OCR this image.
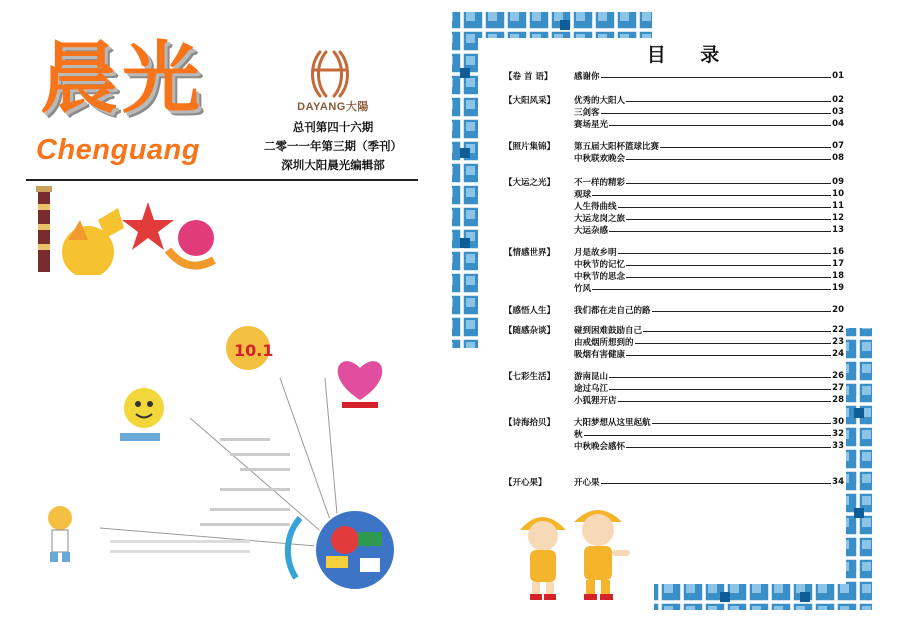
晨光
Chenguang
DAYANG大陽
总刊第四十六期
二零一一年第三期（季刊）
深圳大阳晨光编辑部
10.1
目 录
【卷 首 语】	感谢你	01
【大阳风采】 优秀的大阳人	02
三剑客	03
赛场星光	04
【照片集锦】 第五届大阳杯篮球比赛	07
中秋联欢晚会	08
【大运之光】 不一样的精彩	09
观球	10
人生得曲线	11
大运龙岗之旅	12
大运杂感	13
【情感世界】 月是故乡明	16
中秋节的记忆	17
中秋节的思念	18
竹风	19
【感悟人生】 我们都在走自己的路	20
【随感杂谈】 碰到困难鼓励自己	22
由戒烟所想到的	23
吸烟有害健康	24
【七彩生活】 游南昆山	26
途过乌江	27
小狐狸开店	28
【诗海拾贝】 大阳梦想从这里起航	30
秋	32
中秋晚会感怀	33
【开心果】	开心果	34
